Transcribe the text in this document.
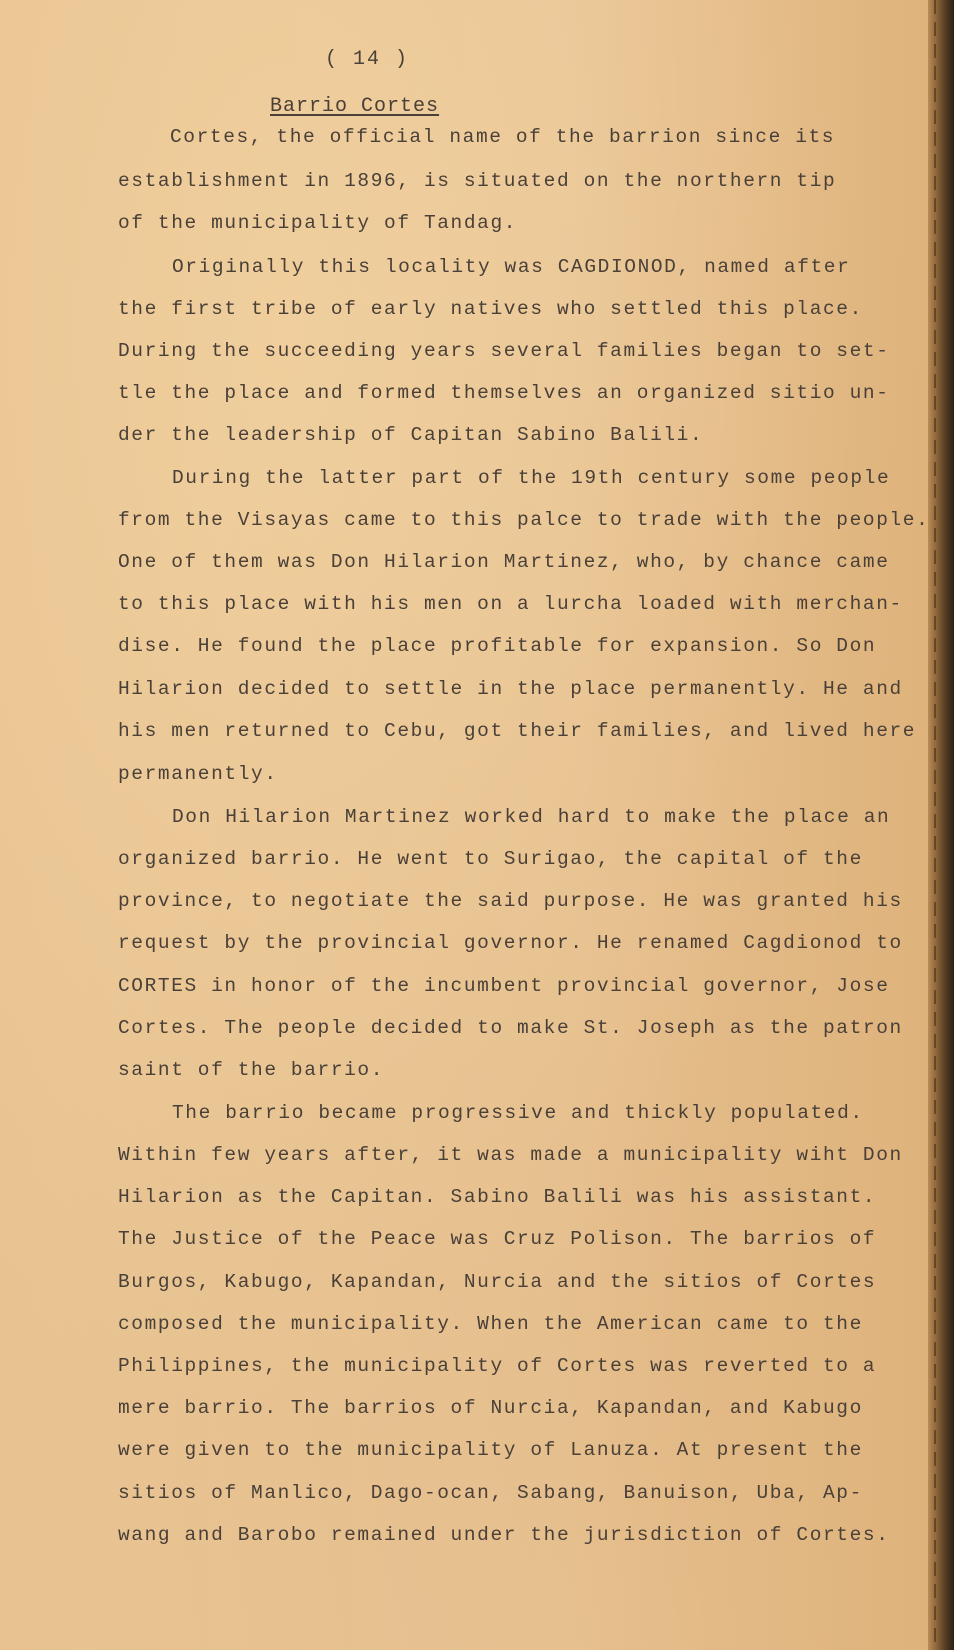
( 14 )
Barrio Cortes
Cortes, the official name of the barrion since its
establishment in 1896, is situated on the northern tip
of the municipality of Tandag.
Originally this locality was CAGDIONOD, named after
the first tribe of early natives who settled this place.
During the succeeding years several families began to set-
tle the place and formed themselves an organized sitio un-
der the leadership of Capitan Sabino Balili.
During the latter part of the 19th century some people
from the Visayas came to this palce to trade with the people.
One of them was Don Hilarion Martinez, who, by chance came
to this place with his men on a lurcha loaded with merchan-
dise. He found the place profitable for expansion. So Don
Hilarion decided to settle in the place permanently. He and
his men returned to Cebu, got their families, and lived here
permanently.
Don Hilarion Martinez worked hard to make the place an
organized barrio. He went to Surigao, the capital of the
province, to negotiate the said purpose. He was granted his
request by the provincial governor. He renamed Cagdionod to
CORTES in honor of the incumbent provincial governor, Jose
Cortes. The people decided to make St. Joseph as the patron
saint of the barrio.
The barrio became progressive and thickly populated.
Within few years after, it was made a municipality wiht Don
Hilarion as the Capitan. Sabino Balili was his assistant.
The Justice of the Peace was Cruz Polison. The barrios of
Burgos, Kabugo, Kapandan, Nurcia and the sitios of Cortes
composed the municipality. When the American came to the
Philippines, the municipality of Cortes was reverted to a
mere barrio. The barrios of Nurcia, Kapandan, and Kabugo
were given to the municipality of Lanuza. At present the
sitios of Manlico, Dago-ocan, Sabang, Banuison, Uba, Ap-
wang and Barobo remained under the jurisdiction of Cortes.
